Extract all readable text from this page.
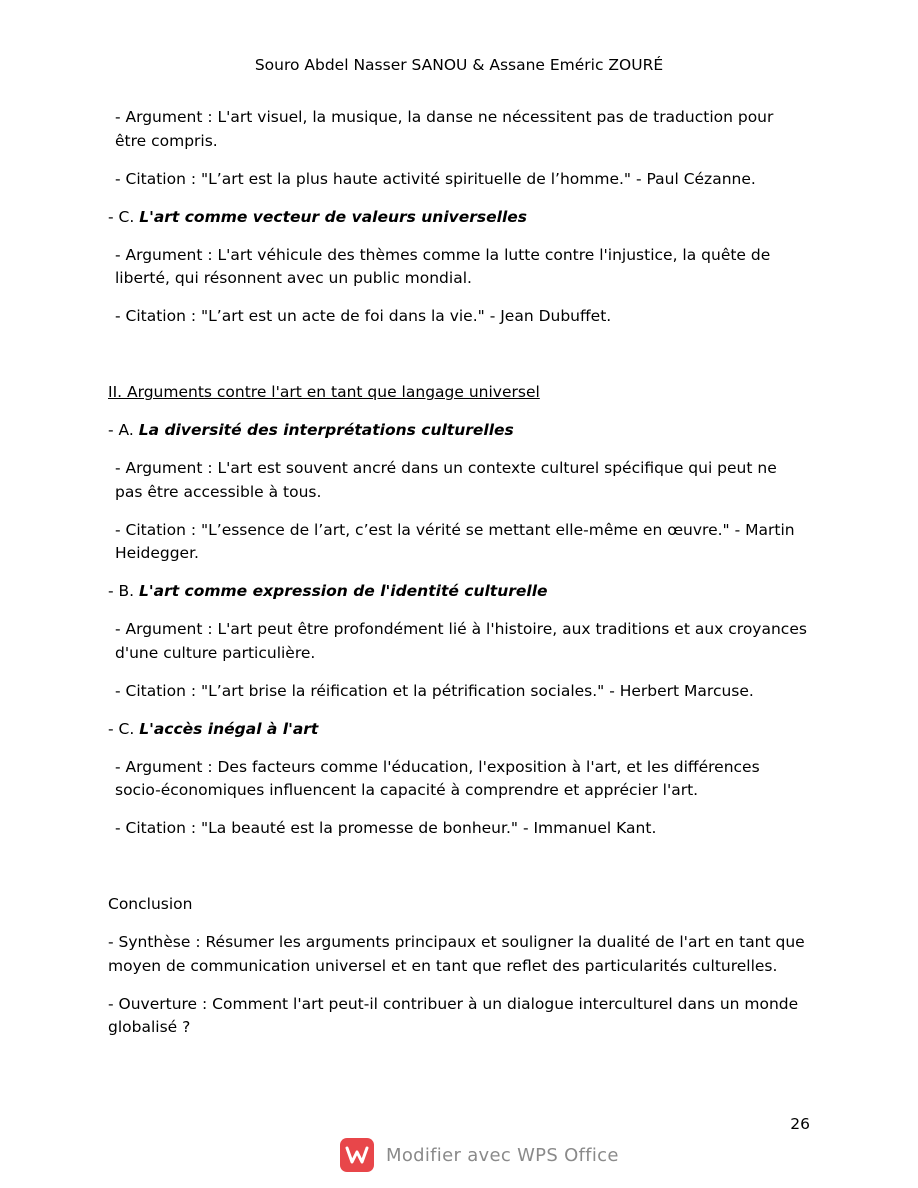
Souro Abdel Nasser SANOU & Assane Eméric ZOURÉ

- Argument : L'art visuel, la musique, la danse ne nécessitent pas de traduction pour être compris.

- Citation : "L’art est la plus haute activité spirituelle de l’homme." - Paul Cézanne.

- C. L'art comme vecteur de valeurs universelles

- Argument : L'art véhicule des thèmes comme la lutte contre l'injustice, la quête de liberté, qui résonnent avec un public mondial.

- Citation : "L’art est un acte de foi dans la vie." - Jean Dubuffet.

II. Arguments contre l'art en tant que langage universel

- A. La diversité des interprétations culturelles

- Argument : L'art est souvent ancré dans un contexte culturel spécifique qui peut ne pas être accessible à tous.

- Citation : "L’essence de l’art, c’est la vérité se mettant elle-même en œuvre." - Martin Heidegger.

- B. L'art comme expression de l'identité culturelle

- Argument : L'art peut être profondément lié à l'histoire, aux traditions et aux croyances d'une culture particulière.

- Citation : "L’art brise la réification et la pétrification sociales." - Herbert Marcuse.

- C. L'accès inégal à l'art

- Argument : Des facteurs comme l'éducation, l'exposition à l'art, et les différences socio-économiques influencent la capacité à comprendre et apprécier l'art.

- Citation : "La beauté est la promesse de bonheur." - Immanuel Kant.

Conclusion

- Synthèse : Résumer les arguments principaux et souligner la dualité de l'art en tant que moyen de communication universel et en tant que reflet des particularités culturelles.

- Ouverture : Comment l'art peut-il contribuer à un dialogue interculturel dans un monde globalisé ?

26
Modifier avec WPS Office
